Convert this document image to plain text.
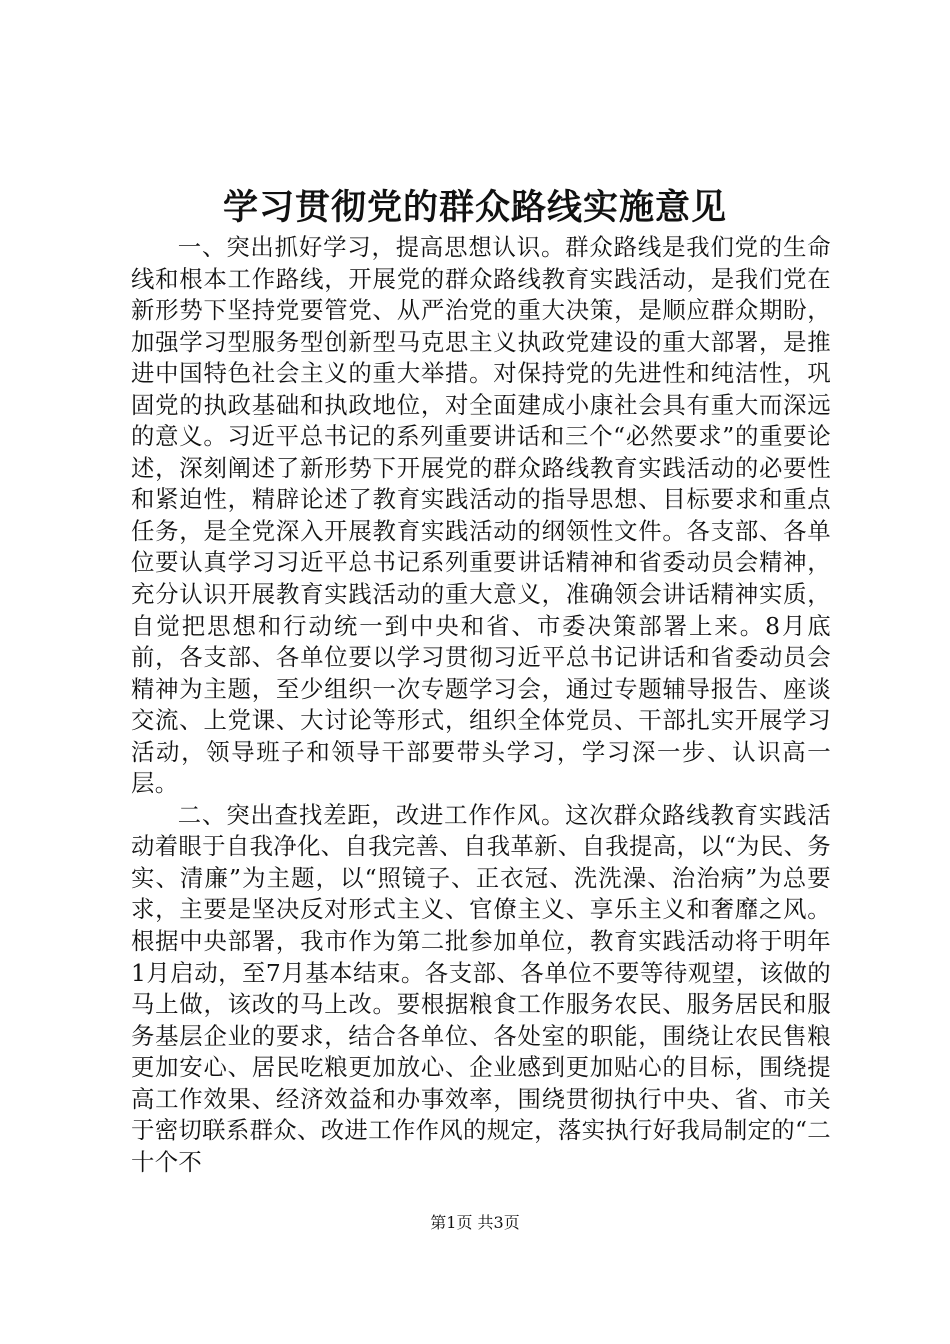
学习贯彻党的群众路线实施意见

一、突出抓好学习，提高思想认识。群众路线是我们党的生命线和根本工作路线，开展党的群众路线教育实践活动，是我们党在新形势下坚持党要管党、从严治党的重大决策，是顺应群众期盼，加强学习型服务型创新型马克思主义执政党建设的重大部署，是推进中国特色社会主义的重大举措。对保持党的先进性和纯洁性，巩固党的执政基础和执政地位，对全面建成小康社会具有重大而深远的意义。习近平总书记的系列重要讲话和三个“必然要求”的重要论述，深刻阐述了新形势下开展党的群众路线教育实践活动的必要性和紧迫性，精辟论述了教育实践活动的指导思想、目标要求和重点任务，是全党深入开展教育实践活动的纲领性文件。各支部、各单位要认真学习习近平总书记系列重要讲话精神和省委动员会精神，充分认识开展教育实践活动的重大意义，准确领会讲话精神实质，自觉把思想和行动统一到中央和省、市委决策部署上来。8月底前，各支部、各单位要以学习贯彻习近平总书记讲话和省委动员会精神为主题，至少组织一次专题学习会，通过专题辅导报告、座谈交流、上党课、大讨论等形式，组织全体党员、干部扎实开展学习活动，领导班子和领导干部要带头学习，学习深一步、认识高一层。

二、突出查找差距，改进工作作风。这次群众路线教育实践活动着眼于自我净化、自我完善、自我革新、自我提高，以“为民、务实、清廉”为主题，以“照镜子、正衣冠、洗洗澡、治治病”为总要求，主要是坚决反对形式主义、官僚主义、享乐主义和奢靡之风。根据中央部署，我市作为第二批参加单位，教育实践活动将于明年1月启动，至7月基本结束。各支部、各单位不要等待观望，该做的马上做，该改的马上改。要根据粮食工作服务农民、服务居民和服务基层企业的要求，结合各单位、各处室的职能，围绕让农民售粮更加安心、居民吃粮更加放心、企业感到更加贴心的目标，围绕提高工作效果、经济效益和办事效率，围绕贯彻执行中央、省、市关于密切联系群众、改进工作作风的规定，落实执行好我局制定的“二十个不

第1页 共3页
